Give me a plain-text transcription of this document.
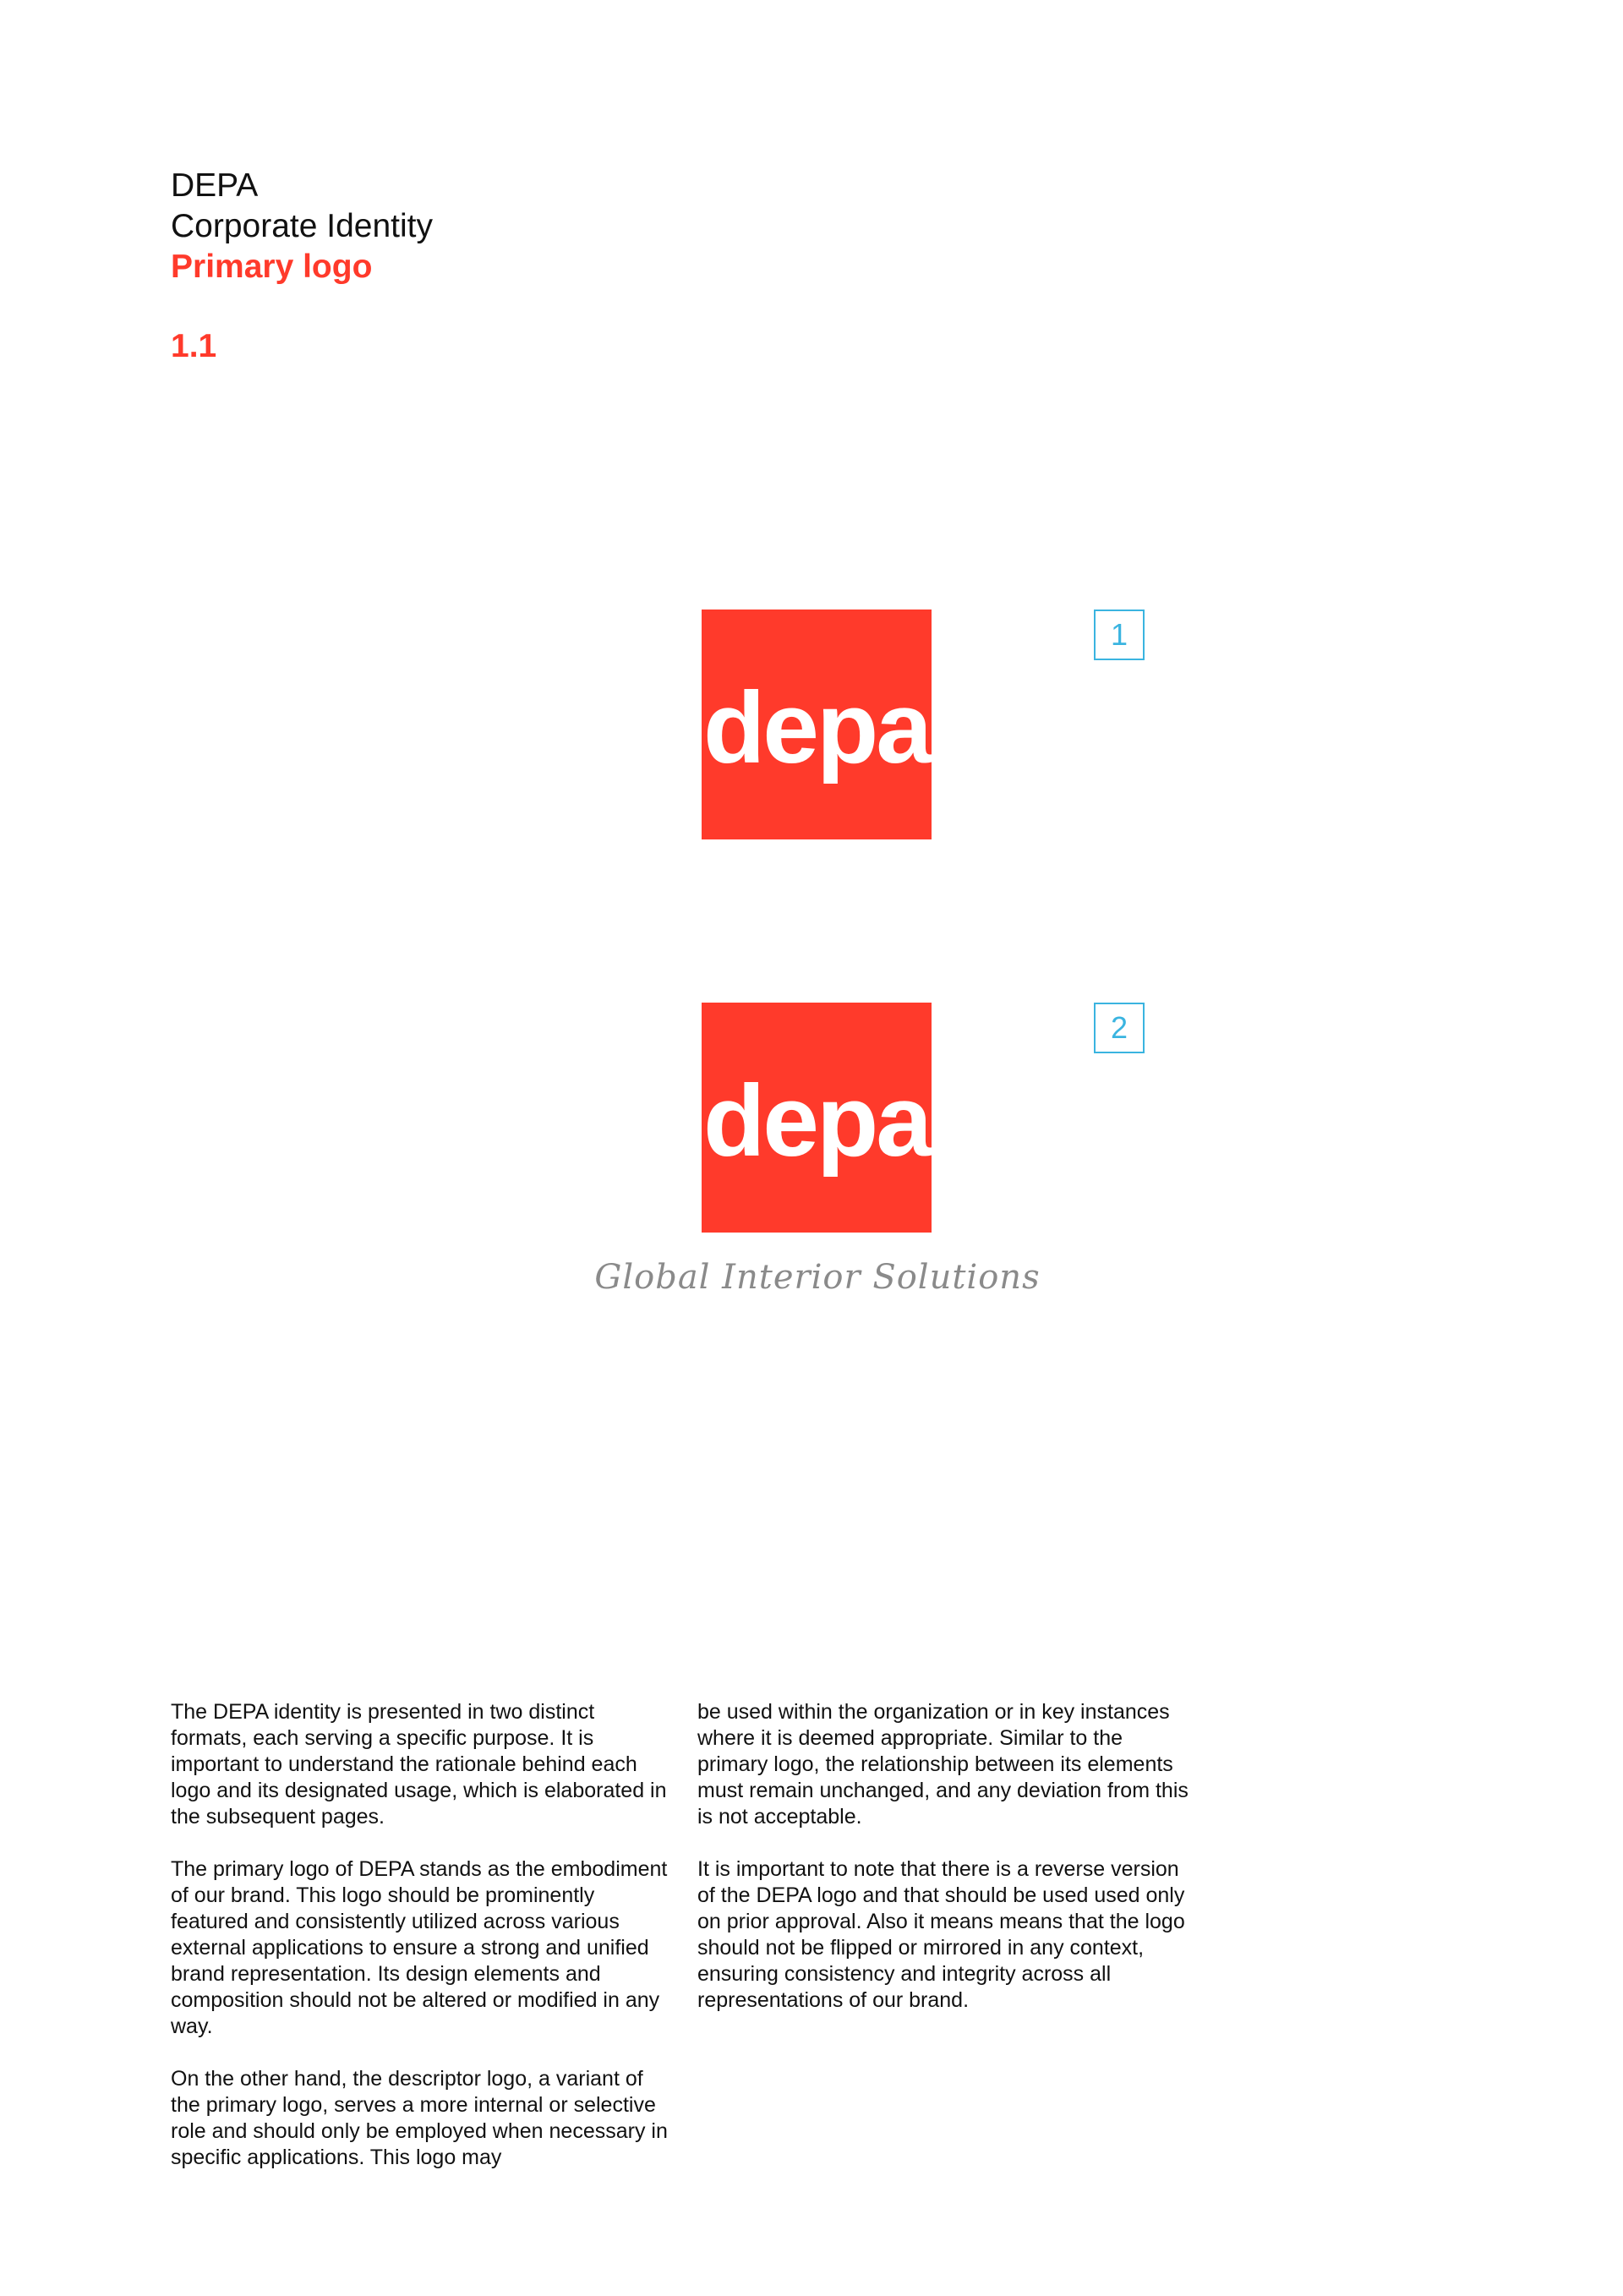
DEPA
Corporate Identity
Primary logo
1.1
depa
1
depa
2
Global Interior Solutions

The DEPA identity is presented in two distinct formats, each serving a specific purpose. It is important to understand the rationale behind each logo and its designated usage, which is elaborated in the subsequent pages.

The primary logo of DEPA stands as the embodiment of our brand. This logo should be prominently featured and consistently utilized across various external applications to ensure a strong and unified brand representation. Its design elements and composition should not be altered or modified in any way.

On the other hand, the descriptor logo, a variant of the primary logo, serves a more internal or selective role and should only be employed when necessary in specific applications. This logo may

be used within the organization or in key instances where it is deemed appropriate. Similar to the primary logo, the relationship between its elements must remain unchanged, and any deviation from this is not acceptable.

It is important to note that there is a reverse version of the DEPA logo and that should be used used only on prior approval. Also it means means that the logo should not be flipped or mirrored in any context, ensuring consistency and integrity across all representations of our brand.
